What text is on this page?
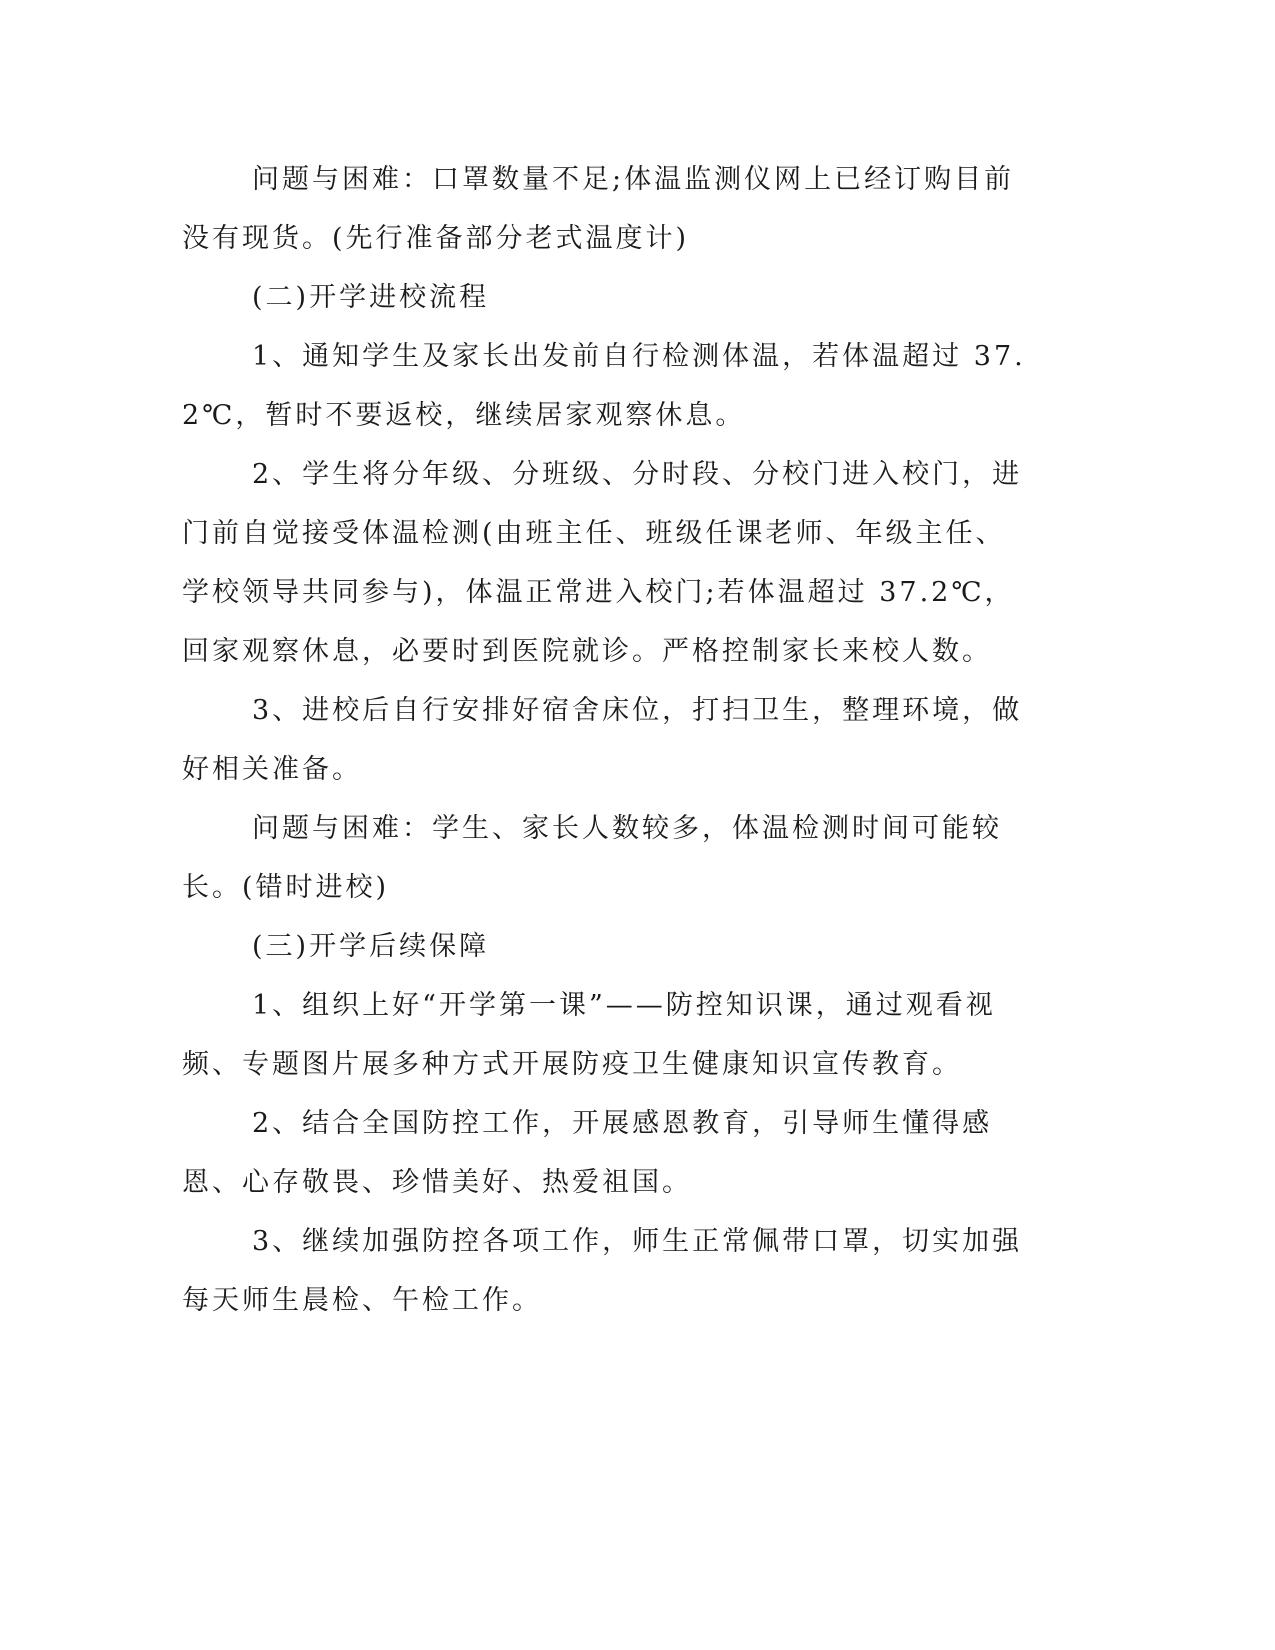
问题与困难：口罩数量不足;体温监测仪网上已经订购目前没有现货。(先行准备部分老式温度计)

(二)开学进校流程

1、通知学生及家长出发前自行检测体温，若体温超过 37.2℃，暂时不要返校，继续居家观察休息。

2、学生将分年级、分班级、分时段、分校门进入校门，进门前自觉接受体温检测(由班主任、班级任课老师、年级主任、学校领导共同参与)，体温正常进入校门;若体温超过 37.2℃，回家观察休息，必要时到医院就诊。严格控制家长来校人数。

3、进校后自行安排好宿舍床位，打扫卫生，整理环境，做好相关准备。

问题与困难：学生、家长人数较多，体温检测时间可能较长。(错时进校)

(三)开学后续保障

1、组织上好“开学第一课”——防控知识课，通过观看视频、专题图片展多种方式开展防疫卫生健康知识宣传教育。

2、结合全国防控工作，开展感恩教育，引导师生懂得感恩、心存敬畏、珍惜美好、热爱祖国。

3、继续加强防控各项工作，师生正常佩带口罩，切实加强每天师生晨检、午检工作。
